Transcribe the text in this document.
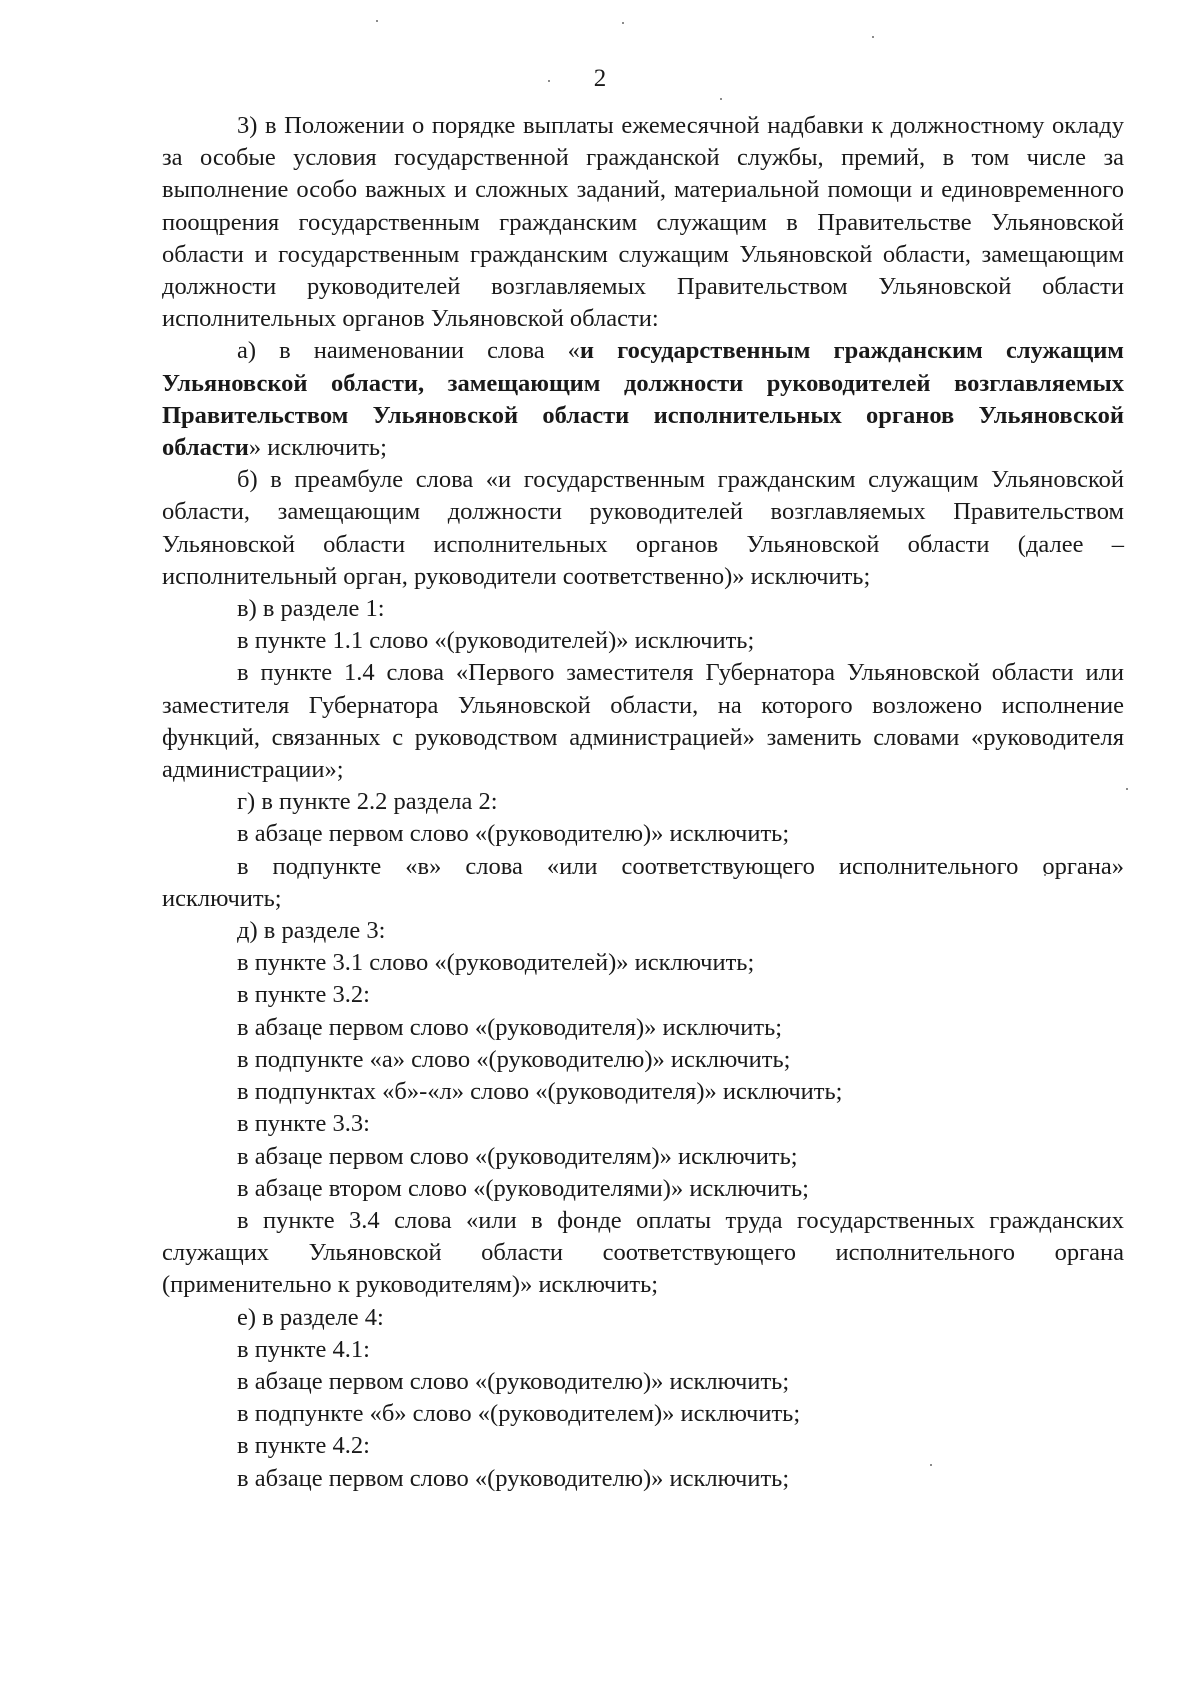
2

3) в Положении о порядке выплаты ежемесячной надбавки к должностному окладу за особые условия государственной гражданской службы, премий, в том числе за выполнение особо важных и сложных заданий, материальной помощи и единовременного поощрения государственным гражданским служащим в Правительстве Ульяновской области и государственным гражданским служащим Ульяновской области, замещающим должности руководителей возглавляемых Правительством Ульяновской области исполнительных органов Ульяновской области:

а) в наименовании слова «и государственным гражданским служащим Ульяновской области, замещающим должности руководителей возглавляемых Правительством Ульяновской области исполнительных органов Ульяновской области» исключить;

б) в преамбуле слова «и государственным гражданским служащим Ульяновской области, замещающим должности руководителей возглавляемых Правительством Ульяновской области исполнительных органов Ульяновской области (далее – исполнительный орган, руководители соответственно)» исключить;

в) в разделе 1:

в пункте 1.1 слово «(руководителей)» исключить;

в пункте 1.4 слова «Первого заместителя Губернатора Ульяновской области или заместителя Губернатора Ульяновской области, на которого возложено исполнение функций, связанных с руководством администрацией» заменить словами «руководителя администрации»;

г) в пункте 2.2 раздела 2:

в абзаце первом слово «(руководителю)» исключить;

в подпункте «в» слова «или соответствующего исполнительного органа» исключить;

д) в разделе 3:

в пункте 3.1 слово «(руководителей)» исключить;

в пункте 3.2:

в абзаце первом слово «(руководителя)» исключить;

в подпункте «а» слово «(руководителю)» исключить;

в подпунктах «б»-«л» слово «(руководителя)» исключить;

в пункте 3.3:

в абзаце первом слово «(руководителям)» исключить;

в абзаце втором слово «(руководителями)» исключить;

в пункте 3.4 слова «или в фонде оплаты труда государственных гражданских служащих Ульяновской области соответствующего исполнительного органа (применительно к руководителям)» исключить;

е) в разделе 4:

в пункте 4.1:

в абзаце первом слово «(руководителю)» исключить;

в подпункте «б» слово «(руководителем)» исключить;

в пункте 4.2:

в абзаце первом слово «(руководителю)» исключить;
